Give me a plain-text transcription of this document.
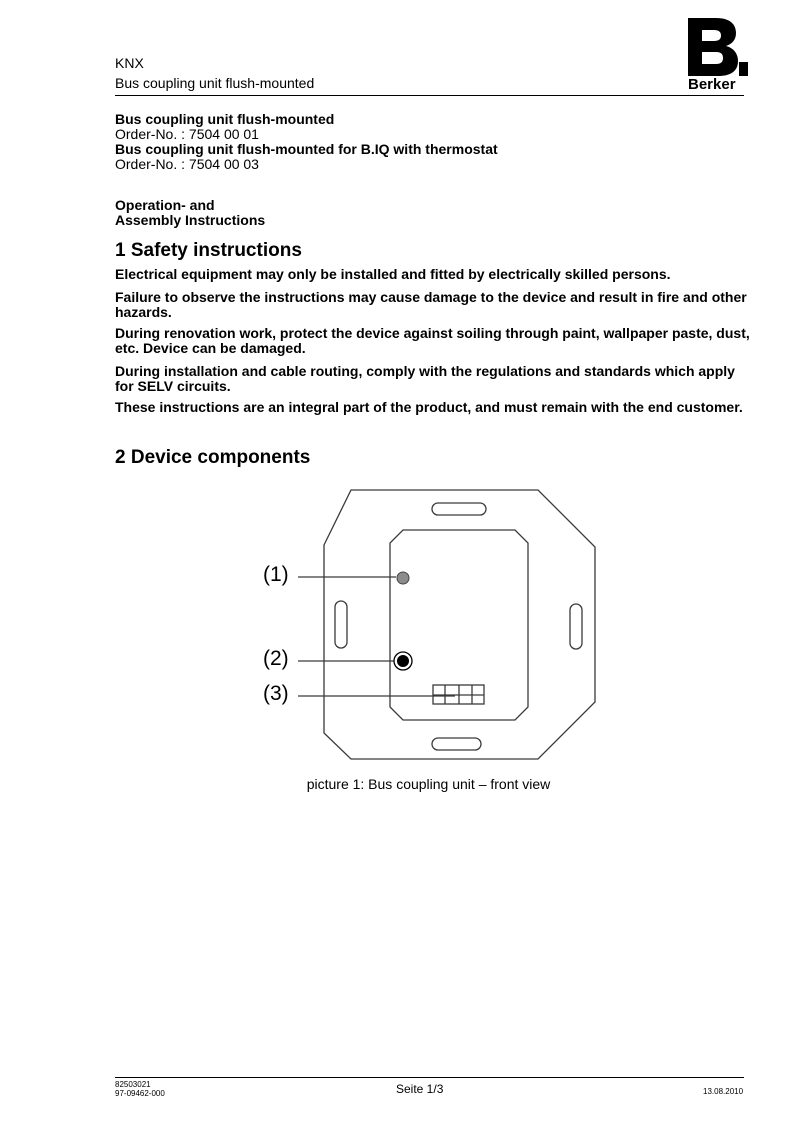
KNX
Bus coupling unit flush-mounted	Berker
Bus coupling unit flush-mounted
Order-No. : 7504 00 01
Bus coupling unit flush-mounted for B.IQ with thermostat
Order-No. : 7504 00 03
Operation- and
Assembly Instructions
1 Safety instructions
Electrical equipment may only be installed and fitted by electrically skilled persons.
Failure to observe the instructions may cause damage to the device and result in fire and other hazards.
During renovation work, protect the device against soiling through paint, wallpaper paste, dust, etc. Device can be damaged.
During installation and cable routing, comply with the regulations and standards which apply for SELV circuits.
These instructions are an integral part of the product, and must remain with the end customer.
2 Device components
(1)
(2)
(3)
picture 1: Bus coupling unit – front view
82503021
97-09462-000	Seite 1/3	13.08.2010
